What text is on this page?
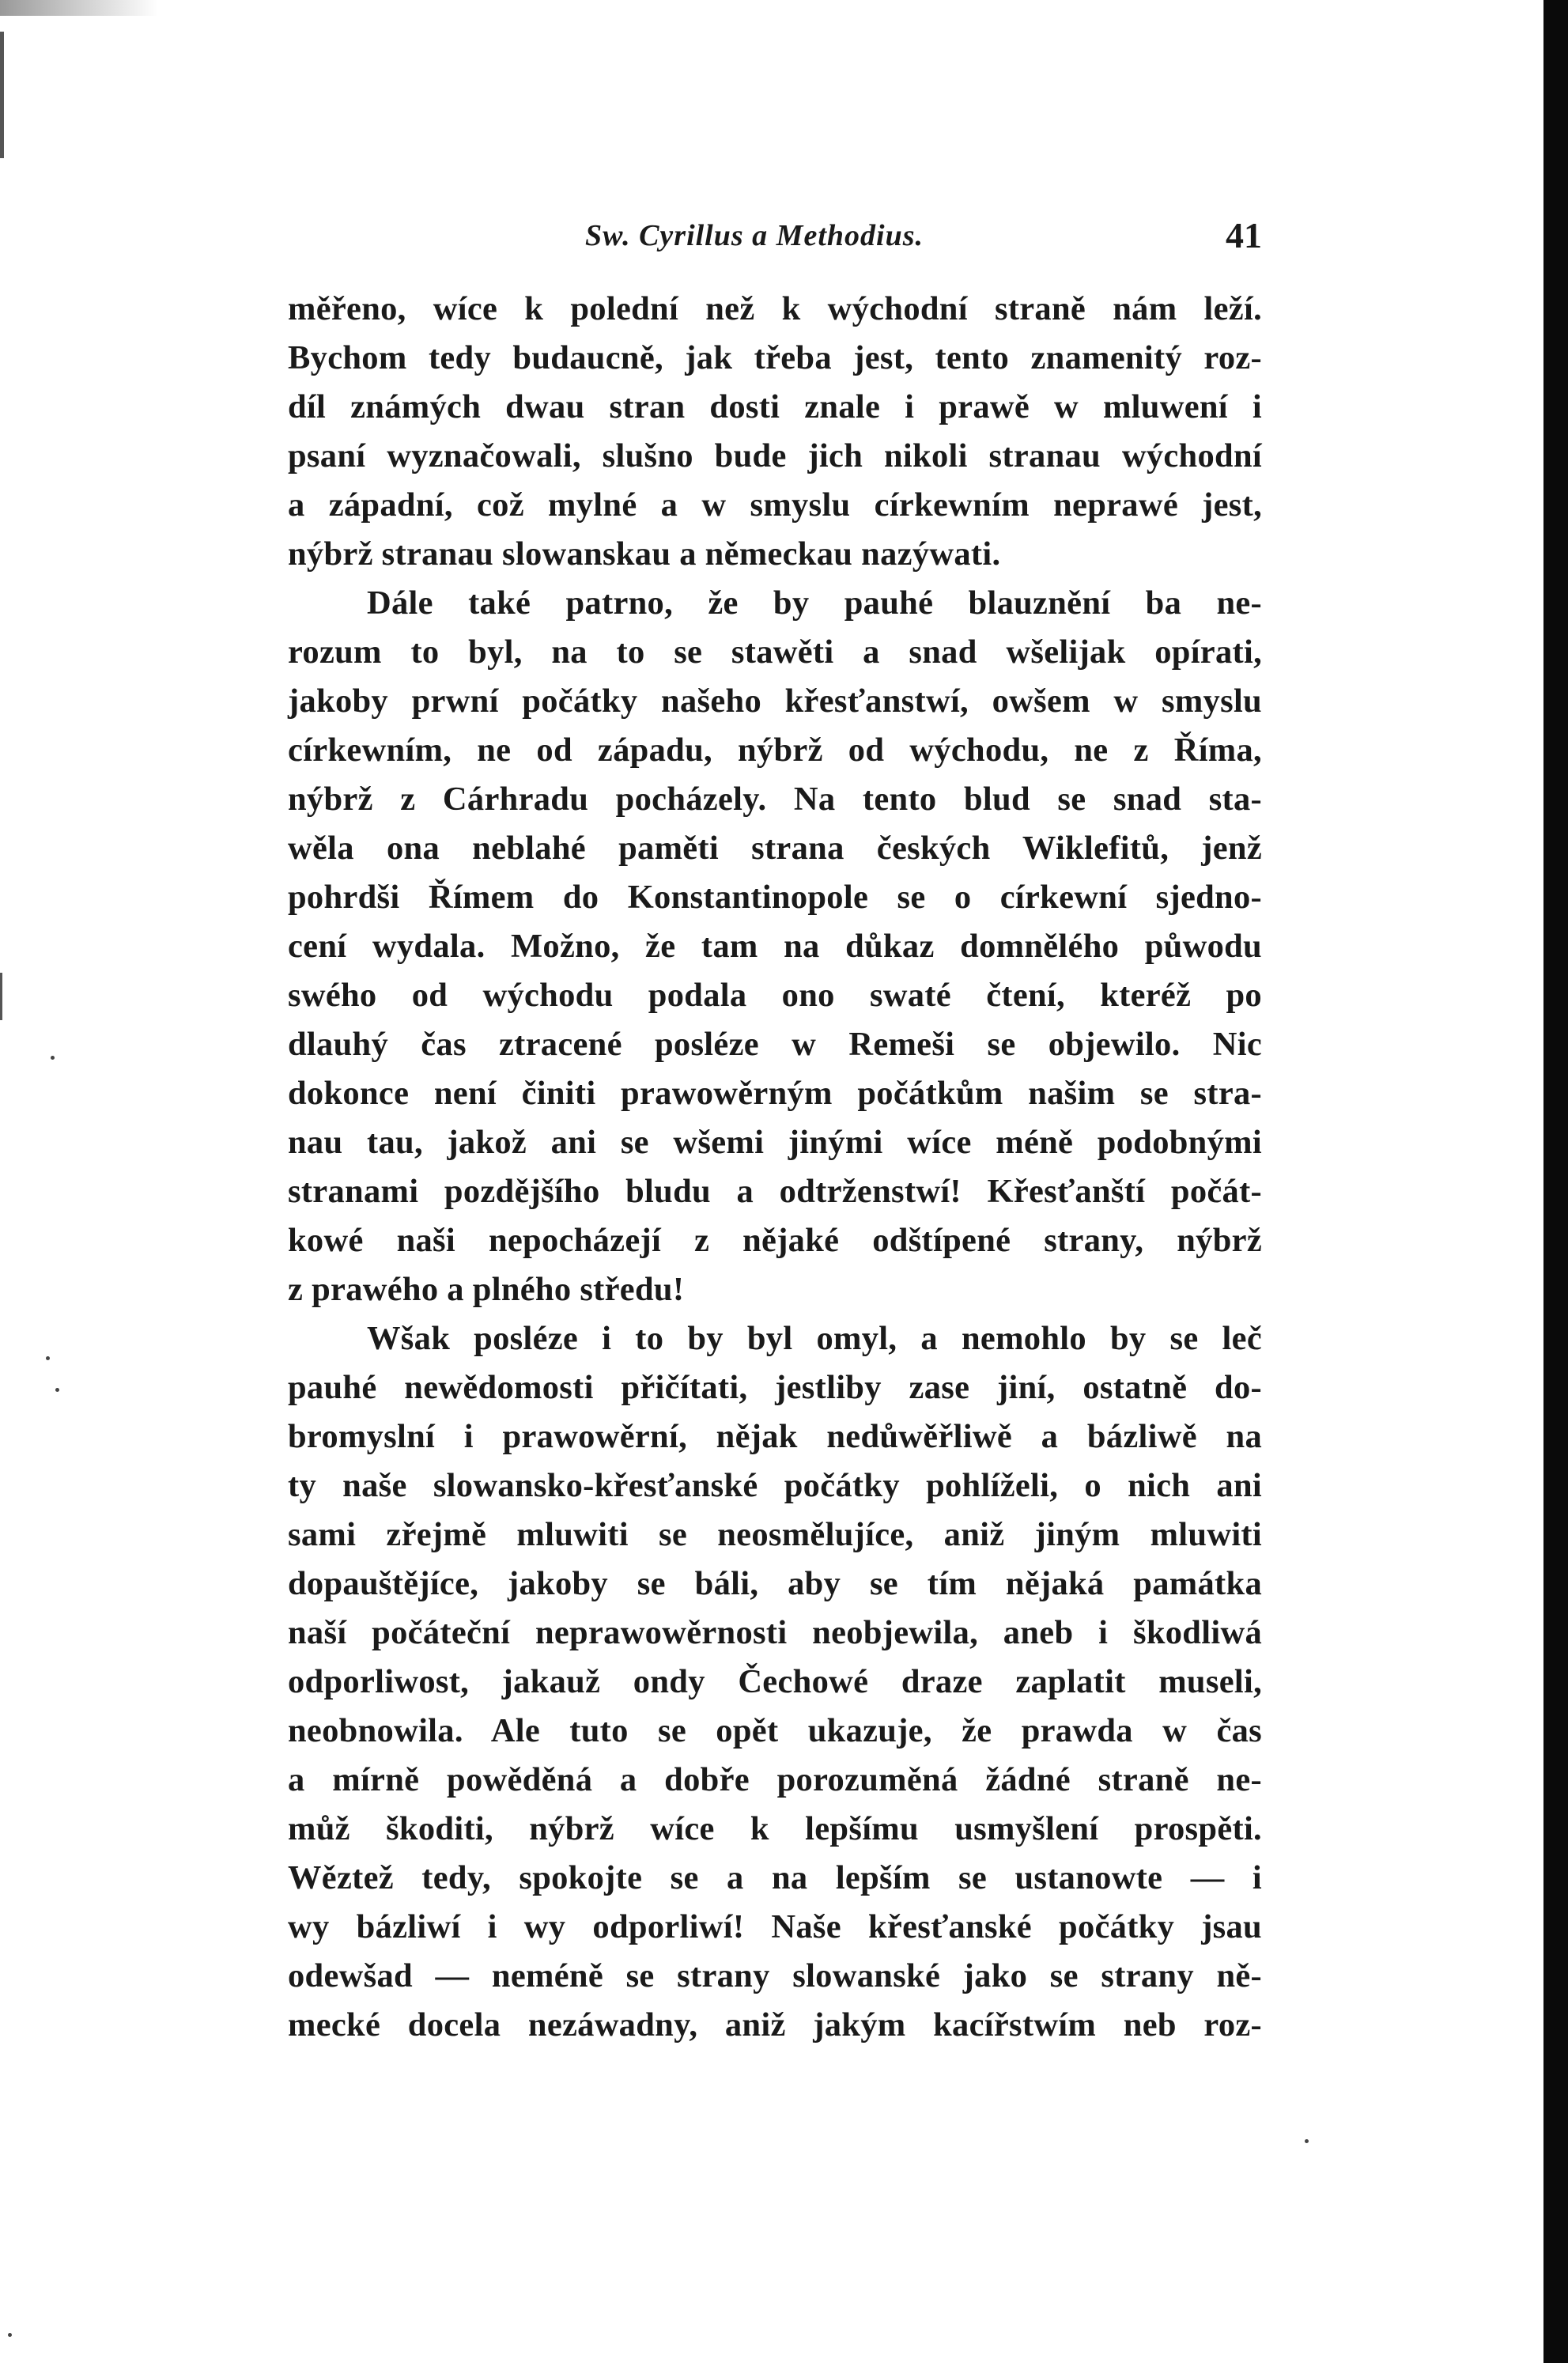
Sw. Cyrillus a Methodius.	41
měřeno, wíce k polední než k wýchodní straně nám leží.
Bychom tedy budaucně, jak třeba jest, tento znamenitý roz-
díl známých dwau stran dosti znale i prawě w mluwení i
psaní wyznačowali, slušno bude jich nikoli stranau wýchodní
a západní, což mylné a w smyslu církewním neprawé jest,
nýbrž stranau slowanskau a německau nazýwati.
Dále také patrno, že by pauhé blauznění ba ne-
rozum to byl, na to se stawěti a snad wšelijak opírati,
jakoby prwní počátky našeho křesťanstwí, owšem w smyslu
církewním, ne od západu, nýbrž od wýchodu, ne z Říma,
nýbrž z Cárhradu pocházely. Na tento blud se snad sta-
wěla ona neblahé paměti strana českých Wiklefitů, jenž
pohrdši Římem do Konstantinopole se o církewní sjedno-
cení wydala. Možno, že tam na důkaz domnělého půwodu
swého od wýchodu podala ono swaté čtení, kteréž po
dlauhý čas ztracené posléze w Remeši se objewilo. Nic
dokonce není činiti prawowěrným počátkům našim se stra-
nau tau, jakož ani se wšemi jinými wíce méně podobnými
stranami pozdějšího bludu a odtrženstwí! Křesťanští počát-
kowé naši nepocházejí z nějaké odštípené strany, nýbrž
z prawého a plného středu!
Wšak posléze i to by byl omyl, a nemohlo by se leč
pauhé newědomosti přičítati, jestliby zase jiní, ostatně do-
bromyslní i prawowěrní, nějak nedůwěřliwě a bázliwě na
ty naše slowansko-křesťanské počátky pohlíželi, o nich ani
sami zřejmě mluwiti se neosmělujíce, aniž jiným mluwiti
dopauštějíce, jakoby se báli, aby se tím nějaká památka
naší počáteční neprawowěrnosti neobjewila, aneb i škodliwá
odporliwost, jakauž ondy Čechowé draze zaplatit museli,
neobnowila. Ale tuto se opět ukazuje, že prawda w čas
a mírně powěděná a dobře porozuměná žádné straně ne-
můž škoditi, nýbrž wíce k lepšímu usmyšlení prospěti.
Wěztež tedy, spokojte se a na lepším se ustanowte — i
wy bázliwí i wy odporliwí! Naše křesťanské počátky jsau
odewšad — neméně se strany slowanské jako se strany ně-
mecké docela nezáwadny, aniž jakým kacířstwím neb roz-
